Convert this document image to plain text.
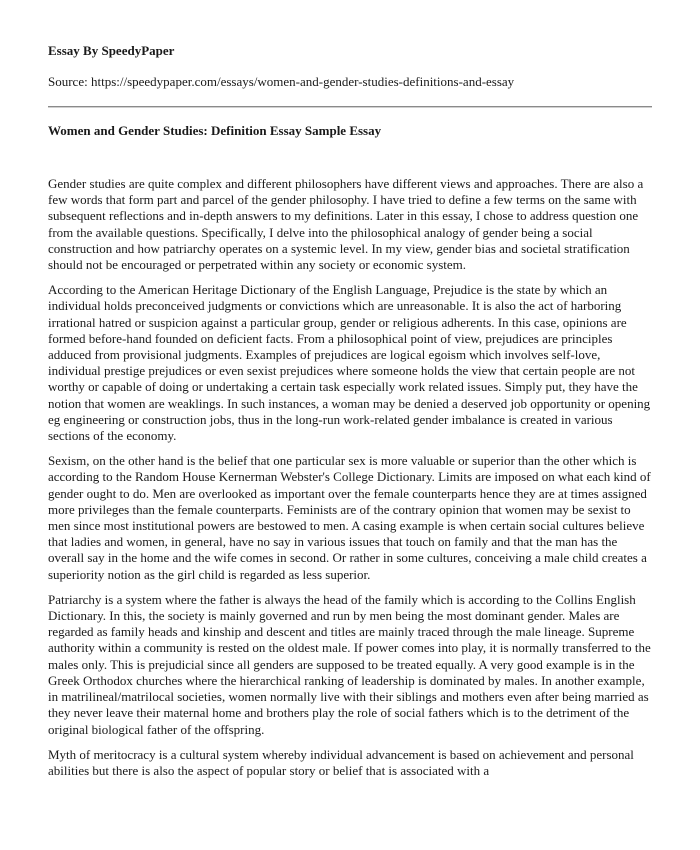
Essay By SpeedyPaper
Source: https://speedypaper.com/essays/women-and-gender-studies-definitions-and-essay
Women and Gender Studies: Definition Essay Sample Essay

Gender studies are quite complex and different philosophers have different views and approaches. There are also a few words that form part and parcel of the gender philosophy. I have tried to define a few terms on the same with subsequent reflections and in-depth answers to my definitions. Later in this essay, I chose to address question one from the available questions. Specifically, I delve into the philosophical analogy of gender being a social construction and how patriarchy operates on a systemic level. In my view, gender bias and societal stratification should not be encouraged or perpetrated within any society or economic system.

According to the American Heritage Dictionary of the English Language, Prejudice is the state by which an individual holds preconceived judgments or convictions which are unreasonable. It is also the act of harboring irrational hatred or suspicion against a particular group, gender or religious adherents. In this case, opinions are formed before-hand founded on deficient facts. From a philosophical point of view, prejudices are principles adduced from provisional judgments. Examples of prejudices are logical egoism which involves self-love, individual prestige prejudices or even sexist prejudices where someone holds the view that certain people are not worthy or capable of doing or undertaking a certain task especially work related issues. Simply put, they have the notion that women are weaklings. In such instances, a woman may be denied a deserved job opportunity or opening eg engineering or construction jobs, thus in the long-run work-related gender imbalance is created in various sections of the economy.

Sexism, on the other hand is the belief that one particular sex is more valuable or superior than the other which is according to the Random House Kernerman Webster's College Dictionary. Limits are imposed on what each kind of gender ought to do. Men are overlooked as important over the female counterparts hence they are at times assigned more privileges than the female counterparts. Feminists are of the contrary opinion that women may be sexist to men since most institutional powers are bestowed to men. A casing example is when certain social cultures believe that ladies and women, in general, have no say in various issues that touch on family and that the man has the overall say in the home and the wife comes in second. Or rather in some cultures, conceiving a male child creates a superiority notion as the girl child is regarded as less superior.

Patriarchy is a system where the father is always the head of the family which is according to the Collins English Dictionary. In this, the society is mainly governed and run by men being the most dominant gender. Males are regarded as family heads and kinship and descent and titles are mainly traced through the male lineage. Supreme authority within a community is rested on the oldest male. If power comes into play, it is normally transferred to the males only. This is prejudicial since all genders are supposed to be treated equally. A very good example is in the Greek Orthodox churches where the hierarchical ranking of leadership is dominated by males. In another example, in matrilineal/matrilocal societies, women normally live with their siblings and mothers even after being married as they never leave their maternal home and brothers play the role of social fathers which is to the detriment of the original biological father of the offspring.

Myth of meritocracy is a cultural system whereby individual advancement is based on achievement and personal abilities but there is also the aspect of popular story or belief that is associated with a
